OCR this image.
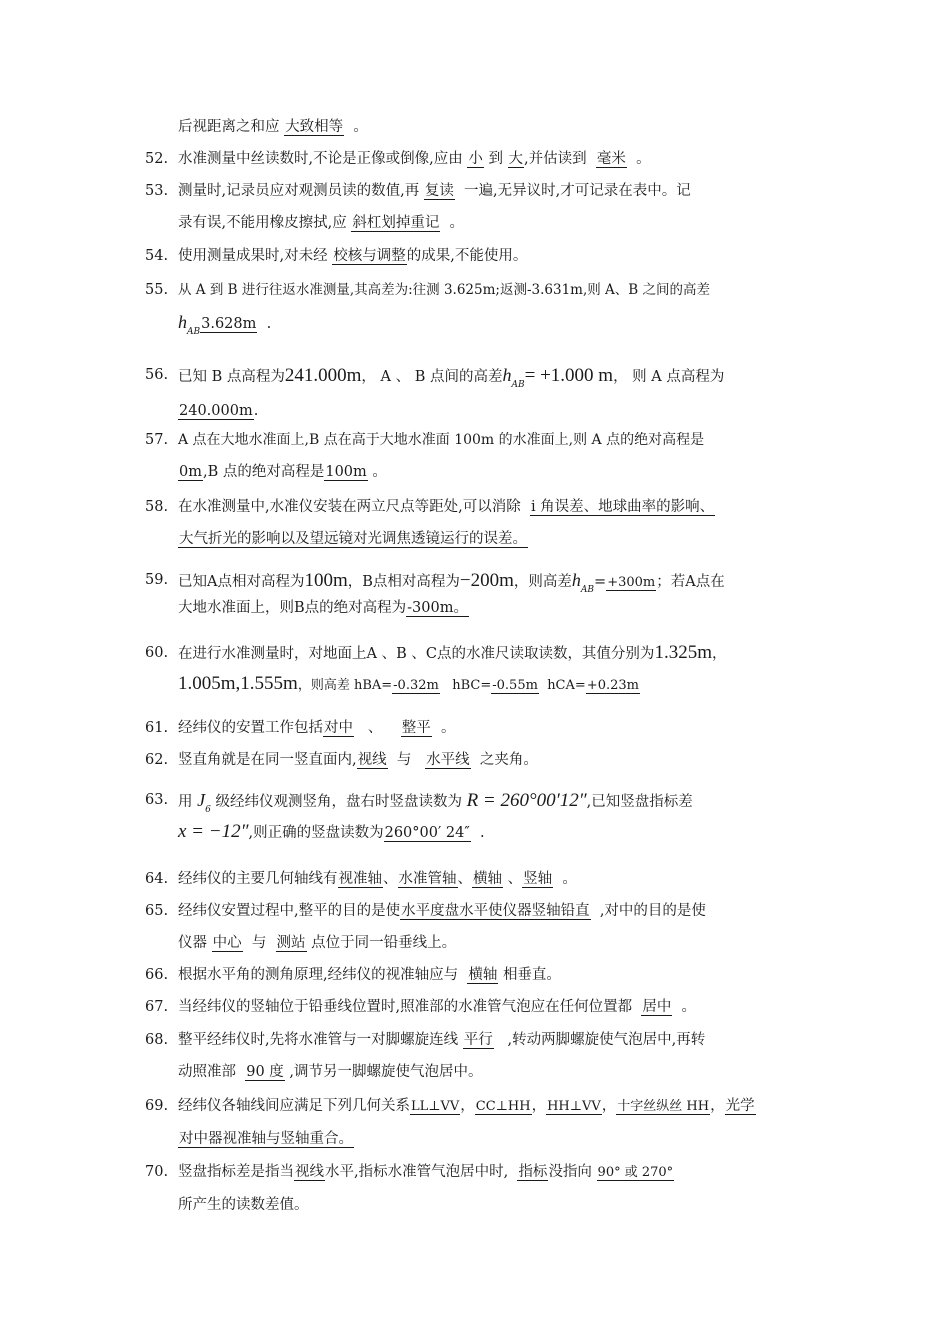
后视距离之和应 大致相等 。
52. 水准测量中丝读数时,不论是正像或倒像,应由 小 到 大,并估读到 毫米 。
53. 测量时,记录员应对观测员读的数值,再 复读 一遍,无异议时,才可记录在表中。记
录有误,不能用橡皮擦拭,应 斜杠划掉重记 。
54. 使用测量成果时,对未经 校核与调整的成果,不能使用。
55. 从 A 到 B 进行往返水准测量,其高差为:往测 3.625m;返测-3.631m,则 A、B 之间的高差
$h_{AB}3.628m$ .
56. 已知 B 点高程为241.000m， A 、 B 点间的高差$h_{AB}= +1.000$ m， 则 A 点高程为
240.000m.
57. A 点在大地水准面上,B 点在高于大地水准面 100m 的水准面上,则 A 点的绝对高程是
0m,B 点的绝对高程是100m 。
58. 在水准测量中,水准仪安装在两立尺点等距处,可以消除 i 角误差、地球曲率的影响、
大气折光的影响以及望远镜对光调焦透镜运行的误差。
59. 已知A点相对高程为100m，B点相对高程为−200m，则高差$h_{AB}=+300m$；若A点在
大地水准面上，则B点的绝对高程为-300m。
60. 在进行水准测量时，对地面上A 、B 、C点的水准尺读取读数，其值分别为1.325m，
1.005m,1.555m，则高差 hBA=-0.32m hBC=-0.55m hCA=+0.23m
61. 经纬仪的安置工作包括对中 、 整平 。
62. 竖直角就是在同一竖直面内,视线 与 水平线 之夹角。
63. 用 $J_6$ 级经纬仪观测竖角，盘右时竖盘读数为 R = 260°00′12″,已知竖盘指标差
x = −12″,则正确的竖盘读数为260°00′ 24″ .
64. 经纬仪的主要几何轴线有视准轴、水准管轴、横轴 、竖轴 。
65. 经纬仪安置过程中,整平的目的是使水平度盘水平使仪器竖轴铅直 ,对中的目的是使
仪器 中心 与 测站 点位于同一铅垂线上。
66. 根据水平角的测角原理,经纬仪的视准轴应与 横轴 相垂直。
67. 当经纬仪的竖轴位于铅垂线位置时,照准部的水准管气泡应在任何位置都 居中 。
68. 整平经纬仪时,先将水准管与一对脚螺旋连线 平行 ,转动两脚螺旋使气泡居中,再转
动照准部 90 度 ,调节另一脚螺旋使气泡居中。
69. 经纬仪各轴线间应满足下列几何关系LL⊥VV，CC⊥HH，HH⊥VV，十字丝纵丝 HH，光学
对中器视准轴与竖轴重合。
70. 竖盘指标差是指当视线水平,指标水准管气泡居中时, 指标没指向 90° 或 270°
所产生的读数差值。
